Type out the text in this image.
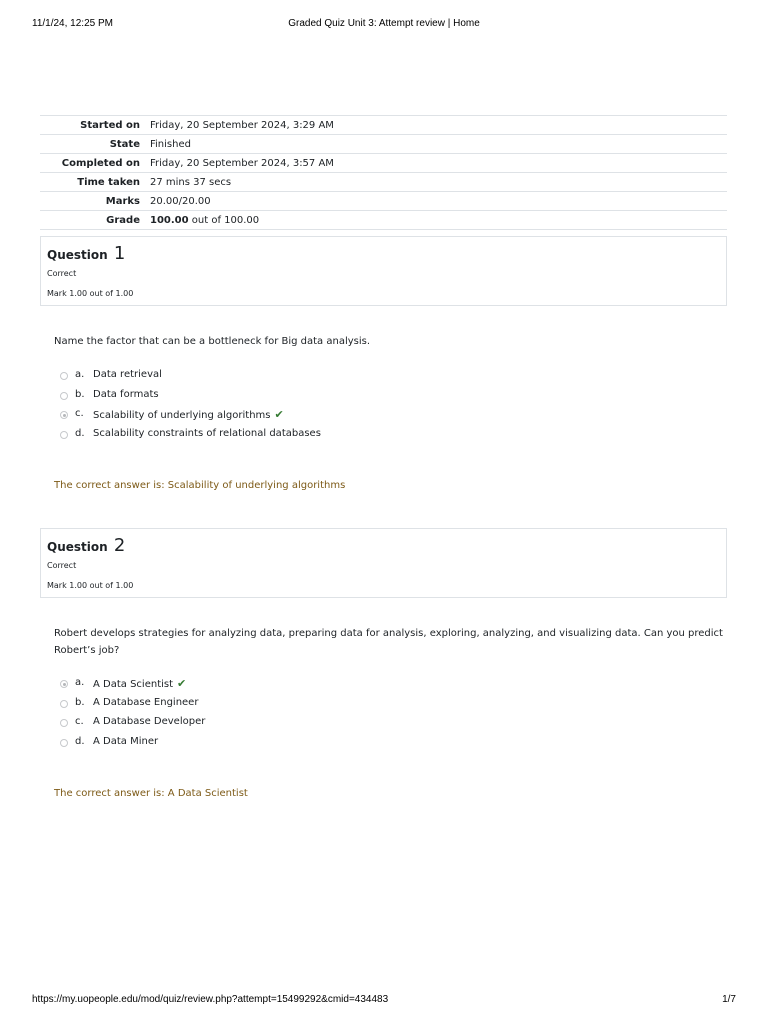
11/1/24, 12:25 PM	Graded Quiz Unit 3: Attempt review | Home
Started on	Friday, 20 September 2024, 3:29 AM
State	Finished
Completed on	Friday, 20 September 2024, 3:57 AM
Time taken	27 mins 37 secs
Marks	20.00/20.00
Grade	100.00 out of 100.00
Question 1
Correct
Mark 1.00 out of 1.00
Name the factor that can be a bottleneck for Big data analysis.
a. Data retrieval
b. Data formats
c. Scalability of underlying algorithms ✔
d. Scalability constraints of relational databases
The correct answer is: Scalability of underlying algorithms
Question 2
Correct
Mark 1.00 out of 1.00
Robert develops strategies for analyzing data, preparing data for analysis, exploring, analyzing, and visualizing data. Can you predict Robert’s job?
a. A Data Scientist ✔
b. A Database Engineer
c. A Database Developer
d. A Data Miner
The correct answer is: A Data Scientist
https://my.uopeople.edu/mod/quiz/review.php?attempt=15499292&cmid=434483	1/7
